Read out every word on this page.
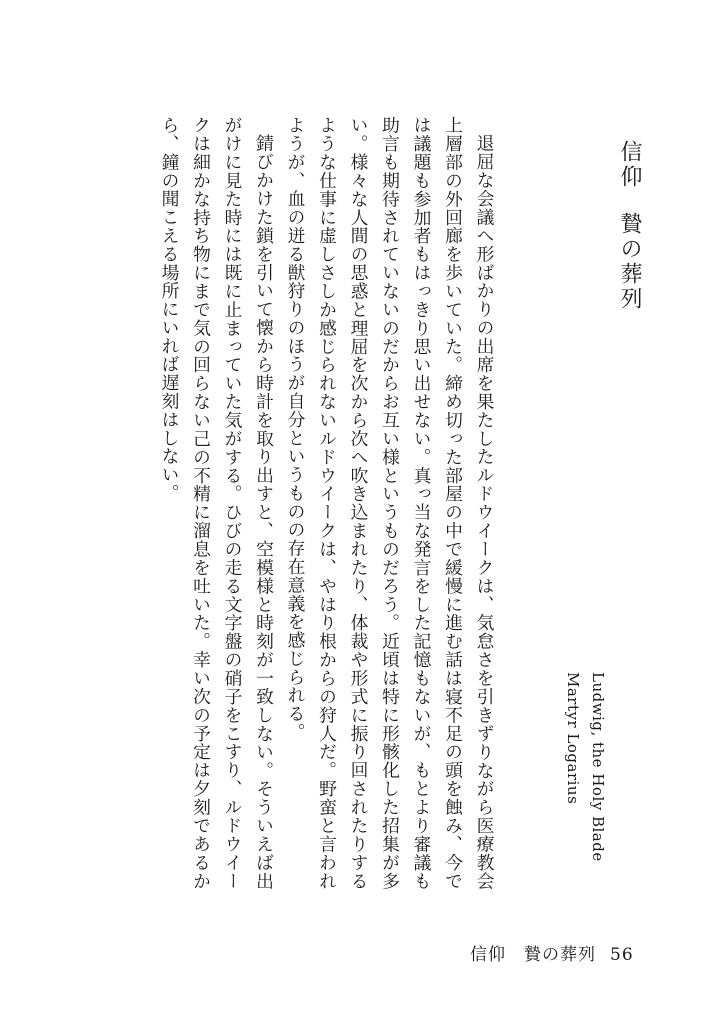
信仰贄の葬列
Ludwig, the Holy Blade
Martyr Logarius

退屈な会議へ形ばかりの出席を果たしたルドウイークは、気怠さを引きずりながら医療教会上層部の外回廊を歩いていた。締め切った部屋の中で緩慢に進む話は寝不足の頭を蝕み、今では議題も参加者もはっきり思い出せない。真っ当な発言をした記憶もないが、もとより審議も助言も期待されていないのだからお互い様というものだろう。近頃は特に形骸化した招集が多い。様々な人間の思惑と理屈を次から次へ吹き込まれたり、体裁や形式に振り回されたりするような仕事に虚しさしか感じられないルドウイークは、やはり根からの狩人だ。野蛮と言われようが、血の迸る獣狩りのほうが自分というものの存在意義を感じられる。

錆びかけた鎖を引いて懐から時計を取り出すと、空模様と時刻が一致しない。そういえば出がけに見た時には既に止まっていた気がする。ひびの走る文字盤の硝子をこすり、ルドウイークは細かな持ち物にまで気の回らない己の不精に溜息を吐いた。幸い次の予定は夕刻であるから、鐘の聞こえる場所にいれば遅刻はしない。

信仰　贄の葬列 56
